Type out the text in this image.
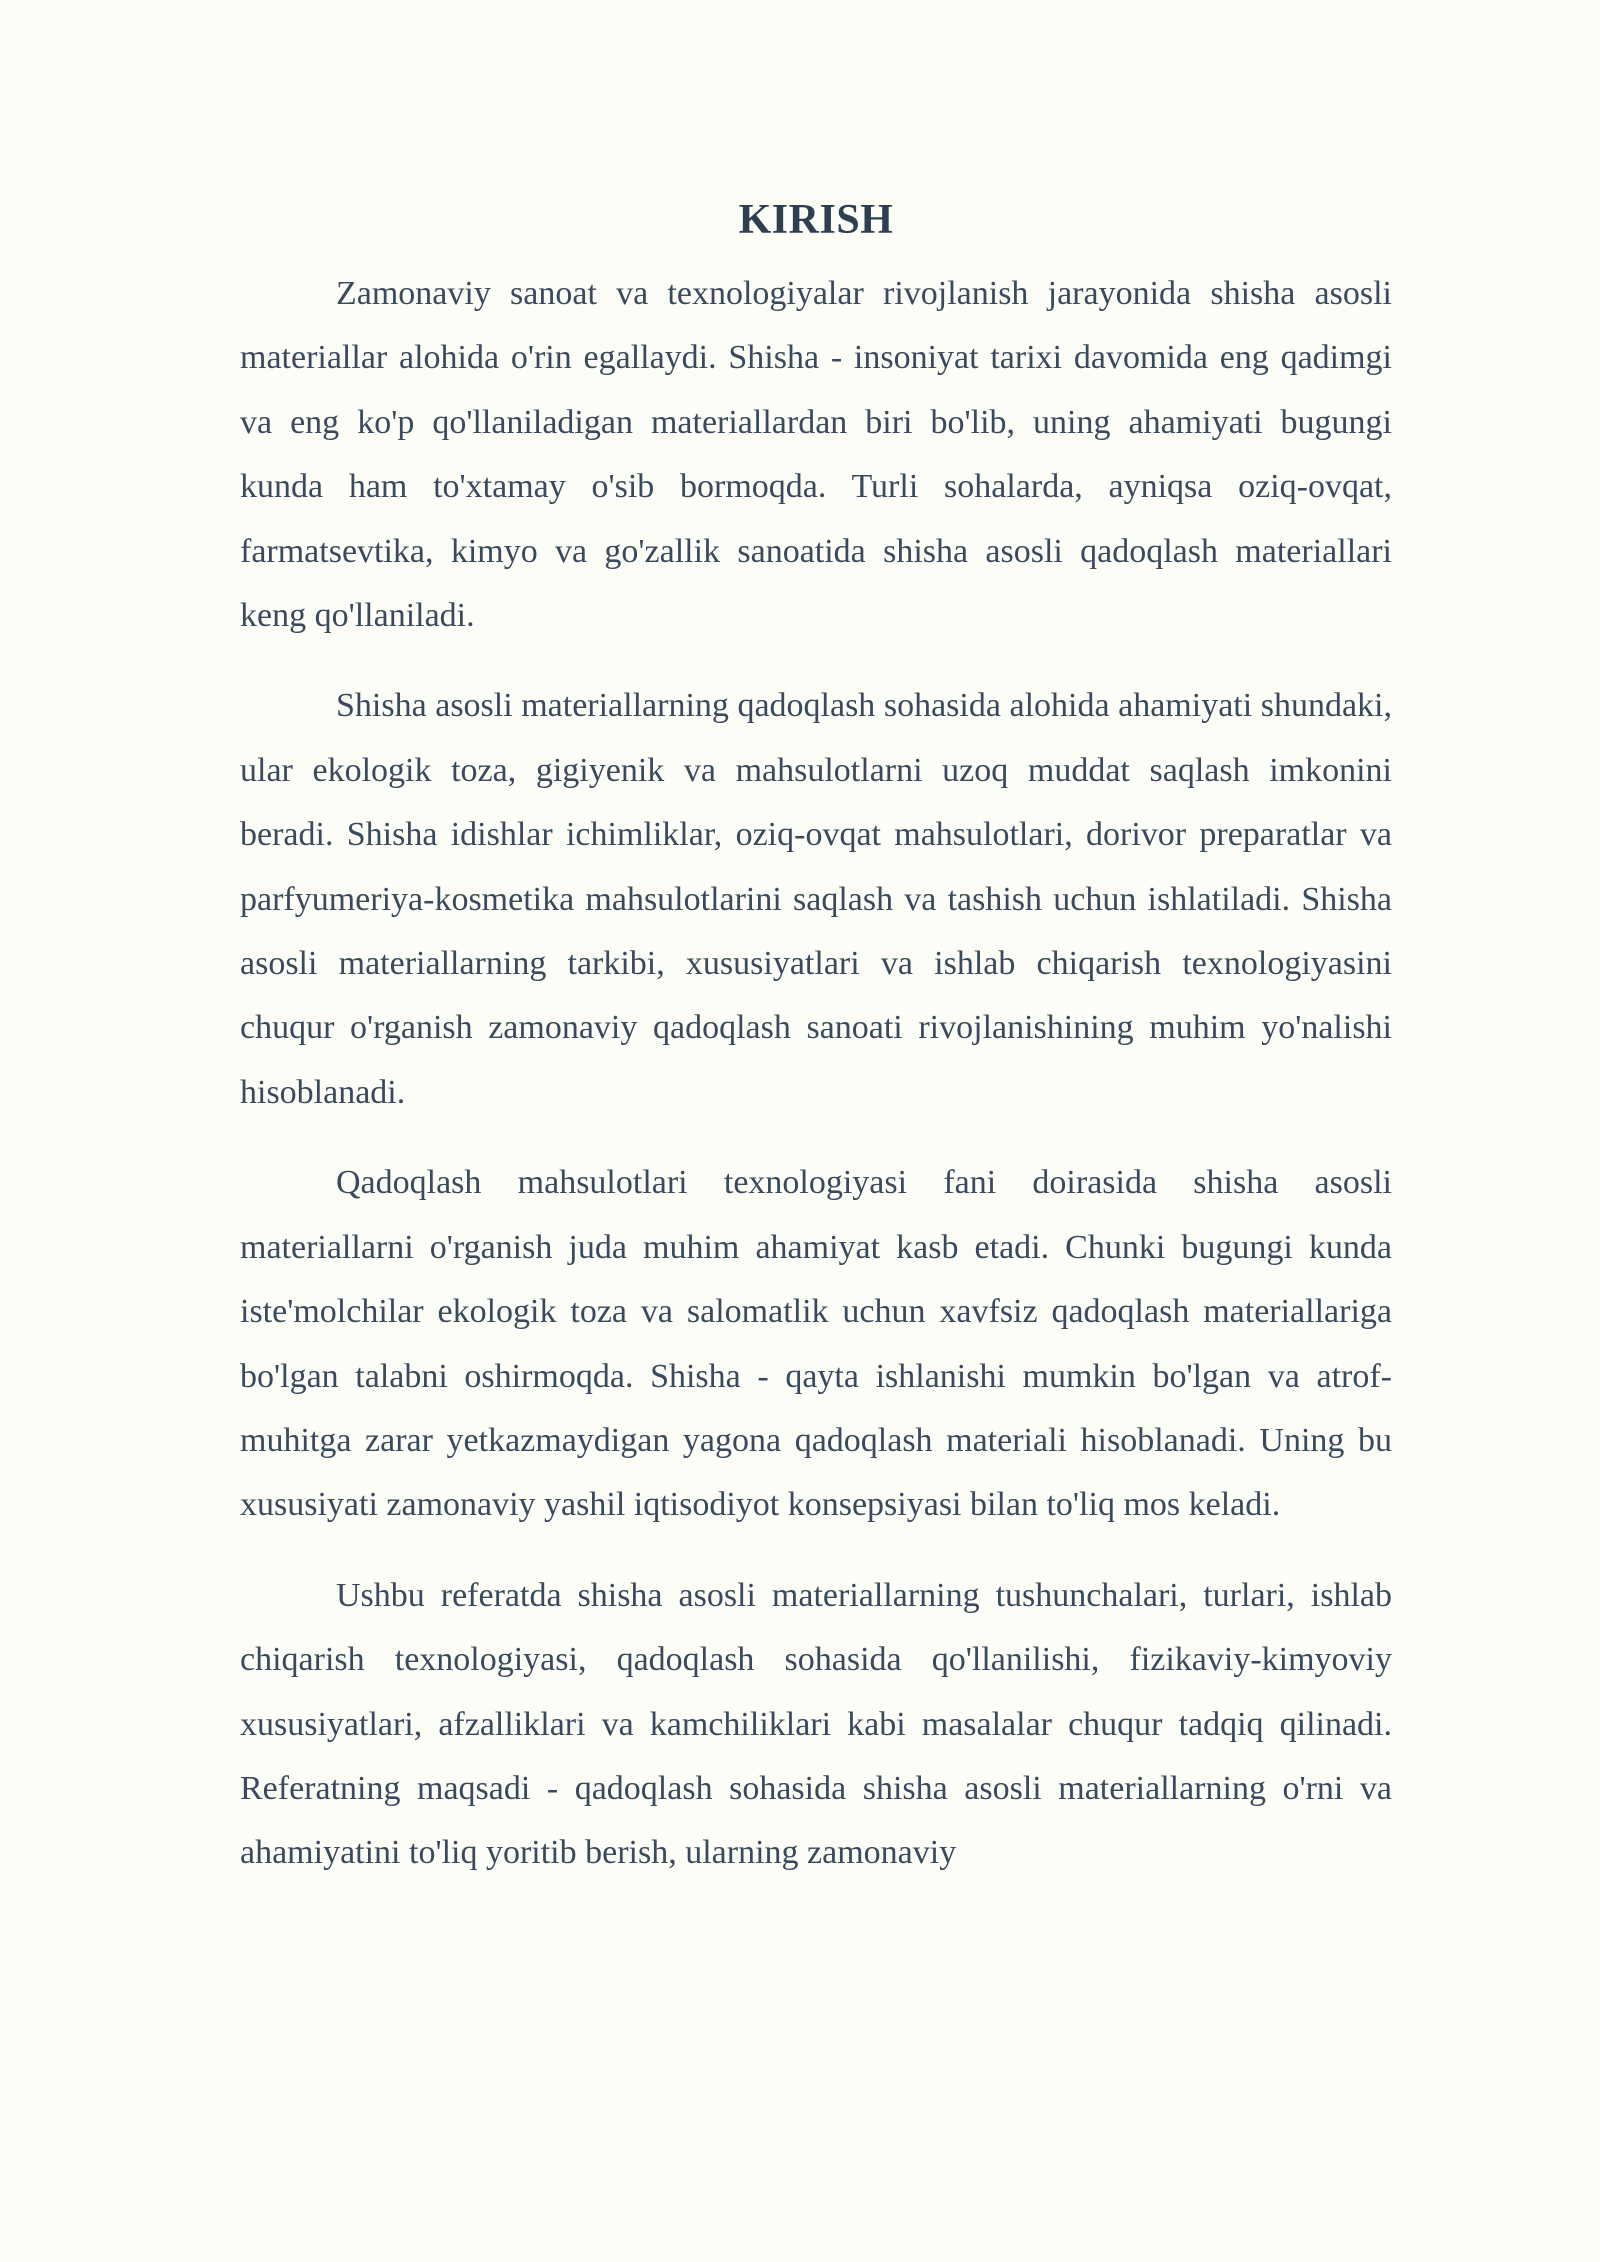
KIRISH

Zamonaviy sanoat va texnologiyalar rivojlanish jarayonida shisha asosli materiallar alohida o'rin egallaydi. Shisha - insoniyat tarixi davomida eng qadimgi va eng ko'p qo'llaniladigan materiallardan biri bo'lib, uning ahamiyati bugungi kunda ham to'xtamay o'sib bormoqda. Turli sohalarda, ayniqsa oziq-ovqat, farmatsevtika, kimyo va go'zallik sanoatida shisha asosli qadoqlash materiallari keng qo'llaniladi.

Shisha asosli materiallarning qadoqlash sohasida alohida ahamiyati shundaki, ular ekologik toza, gigiyenik va mahsulotlarni uzoq muddat saqlash imkonini beradi. Shisha idishlar ichimliklar, oziq-ovqat mahsulotlari, dorivor preparatlar va parfyumeriya-kosmetika mahsulotlarini saqlash va tashish uchun ishlatiladi. Shisha asosli materiallarning tarkibi, xususiyatlari va ishlab chiqarish texnologiyasini chuqur o'rganish zamonaviy qadoqlash sanoati rivojlanishining muhim yo'nalishi hisoblanadi.

Qadoqlash mahsulotlari texnologiyasi fani doirasida shisha asosli materiallarni o'rganish juda muhim ahamiyat kasb etadi. Chunki bugungi kunda iste'molchilar ekologik toza va salomatlik uchun xavfsiz qadoqlash materiallariga bo'lgan talabni oshirmoqda. Shisha - qayta ishlanishi mumkin bo'lgan va atrof-muhitga zarar yetkazmaydigan yagona qadoqlash materiali hisoblanadi. Uning bu xususiyati zamonaviy yashil iqtisodiyot konsepsiyasi bilan to'liq mos keladi.

Ushbu referatda shisha asosli materiallarning tushunchalari, turlari, ishlab chiqarish texnologiyasi, qadoqlash sohasida qo'llanilishi, fizikaviy-kimyoviy xususiyatlari, afzalliklari va kamchiliklari kabi masalalar chuqur tadqiq qilinadi. Referatning maqsadi - qadoqlash sohasida shisha asosli materiallarning o'rni va ahamiyatini to'liq yoritib berish, ularning zamonaviy
